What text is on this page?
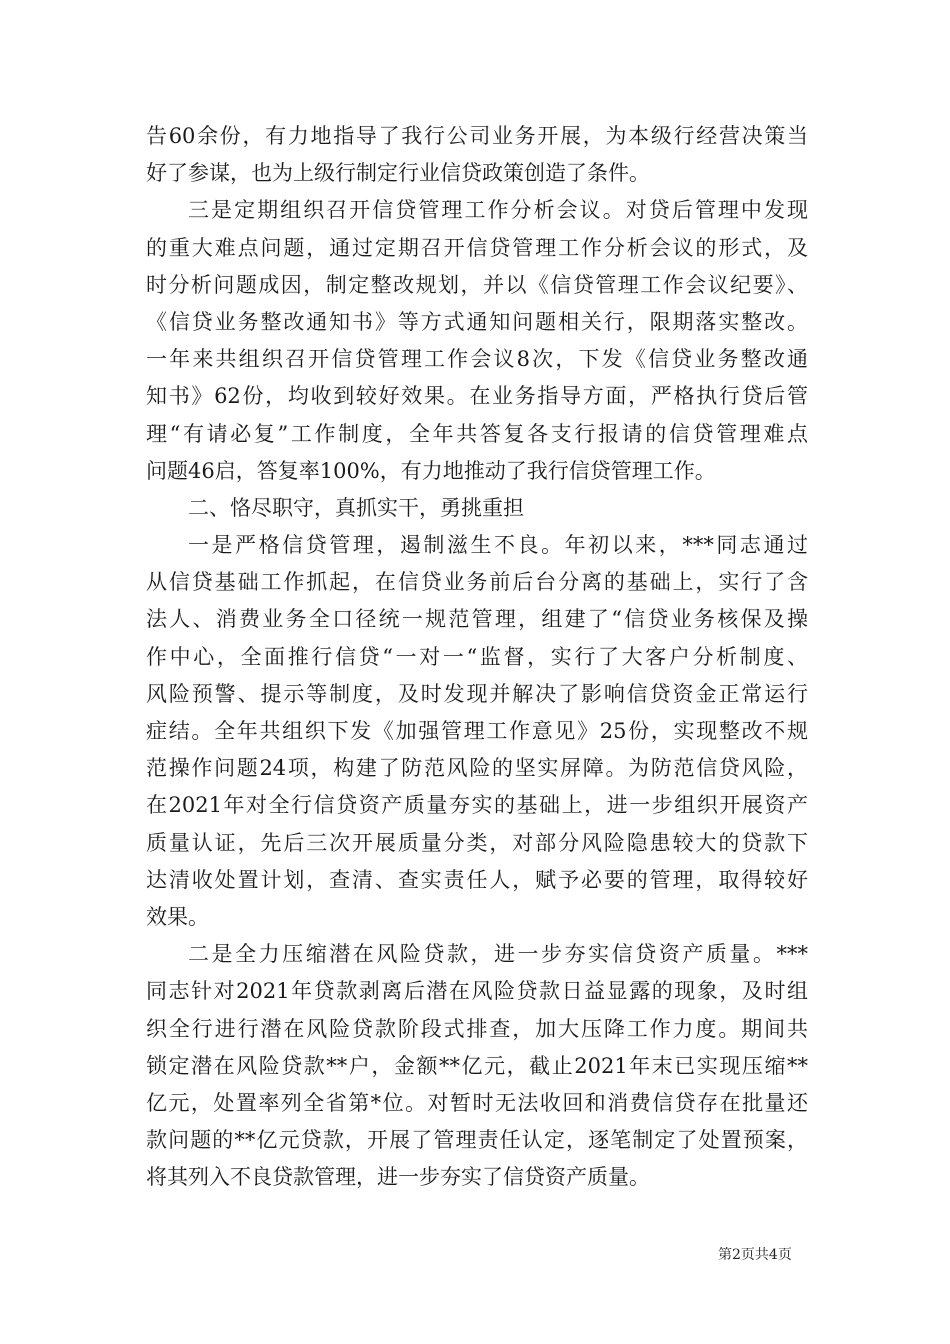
告60余份，有力地指导了我行公司业务开展，为本级行经营决策当
好了参谋，也为上级行制定行业信贷政策创造了条件。
三是定期组织召开信贷管理工作分析会议。对贷后管理中发现
的重大难点问题，通过定期召开信贷管理工作分析会议的形式，及
时分析问题成因，制定整改规划，并以《信贷管理工作会议纪要》、
《信贷业务整改通知书》等方式通知问题相关行，限期落实整改。
一年来共组织召开信贷管理工作会议8次，下发《信贷业务整改通
知书》62份，均收到较好效果。在业务指导方面，严格执行贷后管
理“有请必复”工作制度，全年共答复各支行报请的信贷管理难点
问题46启，答复率100%，有力地推动了我行信贷管理工作。
二、恪尽职守，真抓实干，勇挑重担
一是严格信贷管理，遏制滋生不良。年初以来，***同志通过
从信贷基础工作抓起，在信贷业务前后台分离的基础上，实行了含
法人、消费业务全口径统一规范管理，组建了“信贷业务核保及操
作中心，全面推行信贷“一对一“监督，实行了大客户分析制度、
风险预警、提示等制度，及时发现并解决了影响信贷资金正常运行
症结。全年共组织下发《加强管理工作意见》25份，实现整改不规
范操作问题24项，构建了防范风险的坚实屏障。为防范信贷风险，
在2021年对全行信贷资产质量夯实的基础上，进一步组织开展资产
质量认证，先后三次开展质量分类，对部分风险隐患较大的贷款下
达清收处置计划，查清、查实责任人，赋予必要的管理，取得较好
效果。
二是全力压缩潜在风险贷款，进一步夯实信贷资产质量。***
同志针对2021年贷款剥离后潜在风险贷款日益显露的现象，及时组
织全行进行潜在风险贷款阶段式排查，加大压降工作力度。期间共
锁定潜在风险贷款**户，金额**亿元，截止2021年末已实现压缩**
亿元，处置率列全省第*位。对暂时无法收回和消费信贷存在批量还
款问题的**亿元贷款，开展了管理责任认定，逐笔制定了处置预案，
将其列入不良贷款管理，进一步夯实了信贷资产质量。
第2页共4页
